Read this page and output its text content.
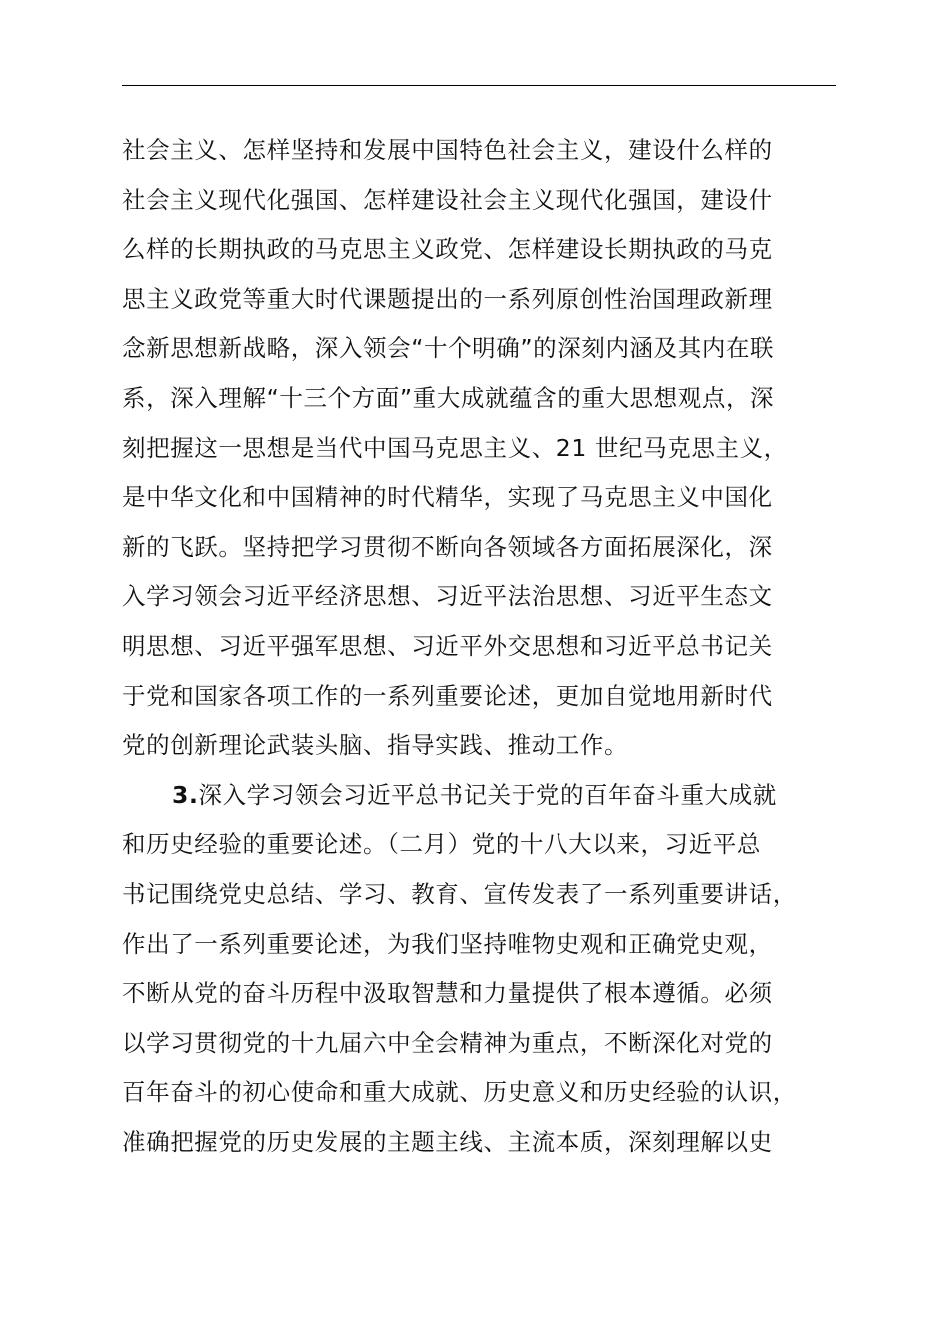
社会主义、怎样坚持和发展中国特色社会主义，建设什么样的
社会主义现代化强国、怎样建设社会主义现代化强国，建设什
么样的长期执政的马克思主义政党、怎样建设长期执政的马克
思主义政党等重大时代课题提出的一系列原创性治国理政新理
念新思想新战略，深入领会“十个明确”的深刻内涵及其内在联
系，深入理解“十三个方面”重大成就蕴含的重大思想观点，深
刻把握这一思想是当代中国马克思主义、21 世纪马克思主义，
是中华文化和中国精神的时代精华，实现了马克思主义中国化
新的飞跃。坚持把学习贯彻不断向各领域各方面拓展深化，深
入学习领会习近平经济思想、习近平法治思想、习近平生态文
明思想、习近平强军思想、习近平外交思想和习近平总书记关
于党和国家各项工作的一系列重要论述，更加自觉地用新时代
党的创新理论武装头脑、指导实践、推动工作。
3.深入学习领会习近平总书记关于党的百年奋斗重大成就
和历史经验的重要论述。（二月）党的十八大以来，习近平总
书记围绕党史总结、学习、教育、宣传发表了一系列重要讲话，
作出了一系列重要论述，为我们坚持唯物史观和正确党史观，
不断从党的奋斗历程中汲取智慧和力量提供了根本遵循。必须
以学习贯彻党的十九届六中全会精神为重点，不断深化对党的
百年奋斗的初心使命和重大成就、历史意义和历史经验的认识，
准确把握党的历史发展的主题主线、主流本质，深刻理解以史
